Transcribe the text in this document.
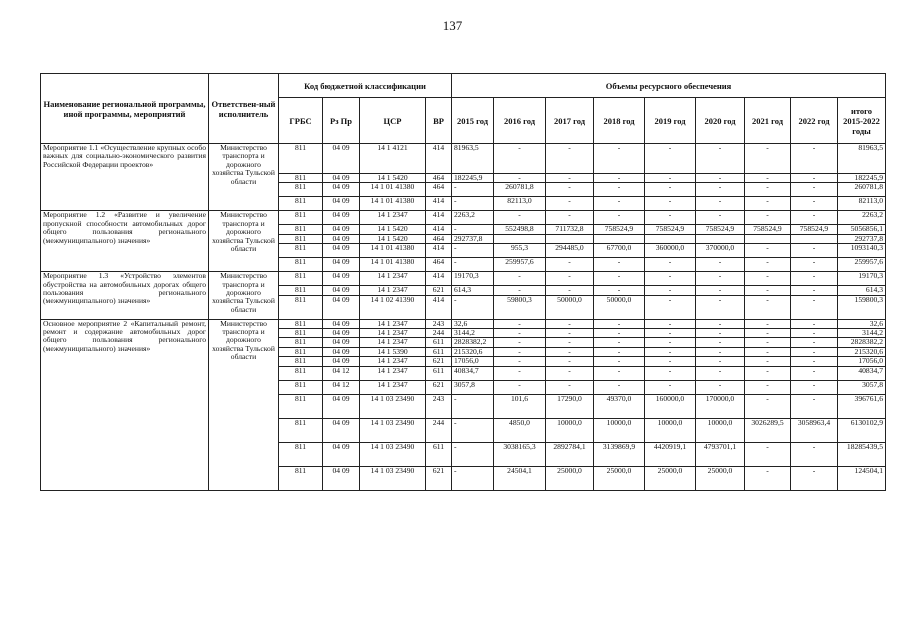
137
Наименование региональной программы, иной программы, мероприятий	Ответствен-ный исполнитель	Код бюджетной классификации				Объемы ресурсного обеспечения								
		ГРБС	Рз Пр	ЦСР	ВР	2015 год	2016 год	2017 год	2018 год	2019 год	2020 год	2021 год	2022 год	итого 2015-2022 годы
Мероприятие 1.1 «Осуществление крупных особо важных для социально-экономического развития Российской Федерации проектов»	Министерство транспорта и дорожного хозяйства Тульской области	811	04 09	14 1 4121	414	81963,5	-	-	-	-	-	-	-	81963,5
		811	04 09	14 1 5420	464	182245,9	-	-	-	-	-	-	-	182245,9
		811	04 09	14 1 01 41380	464	-	260781,8	-	-	-	-	-	-	260781,8
		811	04 09	14 1 01 41380	414	-	82113,0	-	-	-	-	-	-	82113,0
Мероприятие 1.2 «Развитие и увеличение пропускной способности автомобильных дорог общего пользования регионального (межмуниципального) значения»	Министерство транспорта и дорожного хозяйства Тульской области	811	04 09	14 1 2347	414	2263,2	-	-	-	-	-	-	-	2263,2
		811	04 09	14 1 5420	414	-	552498,8	711732,8	758524,9	758524,9	758524,9	758524,9	758524,9	5056856,1
		811	04 09	14 1 5420	464	292737,8								292737,8
		811	04 09	14 1 01 41380	414	-	955,3	294485,0	67700,0	360000,0	370000,0	-	-	1093140,3
		811	04 09	14 1 01 41380	464	-	259957,6	-	-	-	-	-	-	259957,6
Мероприятие 1.3 «Устройство элементов обустройства на автомобильных дорогах общего пользования регионального (межмуниципального) значения»	Министерство транспорта и дорожного хозяйства Тульской области	811	04 09	14 1 2347	414	19170,3	-	-	-	-	-	-	-	19170,3
		811	04 09	14 1 2347	621	614,3	-	-	-	-	-	-	-	614,3
		811	04 09	14 1 02 41390	414	-	59800,3	50000,0	50000,0	-	-	-	-	159800,3
Основное мероприятие 2 «Капитальный ремонт, ремонт и содержание автомобильных дорог общего пользования регионального (межмуниципального) значения»	Министерство транспорта и дорожного хозяйства Тульской области	811	04 09	14 1 2347	243	32,6	-	-	-	-	-	-	-	32,6
		811	04 09	14 1 2347	244	3144,2	-	-	-	-	-	-	-	3144,2
		811	04 09	14 1 2347	611	2828382,2	-	-	-	-	-	-	-	2828382,2
		811	04 09	14 1 5390	611	215320,6	-	-	-	-	-	-	-	215320,6
		811	04 09	14 1 2347	621	17056,0	-	-	-	-	-	-	-	17056,0
		811	04 12	14 1 2347	611	40834,7	-	-	-	-	-	-	-	40834,7
		811	04 12	14 1 2347	621	3057,8	-	-	-	-	-	-	-	3057,8
		811	04 09	14 1 03 23490	243	-	101,6	17290,0	49370,0	160000,0	170000,0	-	-	396761,6
		811	04 09	14 1 03 23490	244	-	4850,0	10000,0	10000,0	10000,0	10000,0	3026289,5	3058963,4	6130102,9
		811	04 09	14 1 03 23490	611	-	3038165,3	2892784,1	3139869,9	4420919,1	4793701,1	-	-	18285439,5
		811	04 09	14 1 03 23490	621	-	24504,1	25000,0	25000,0	25000,0	25000,0	-	-	124504,1
